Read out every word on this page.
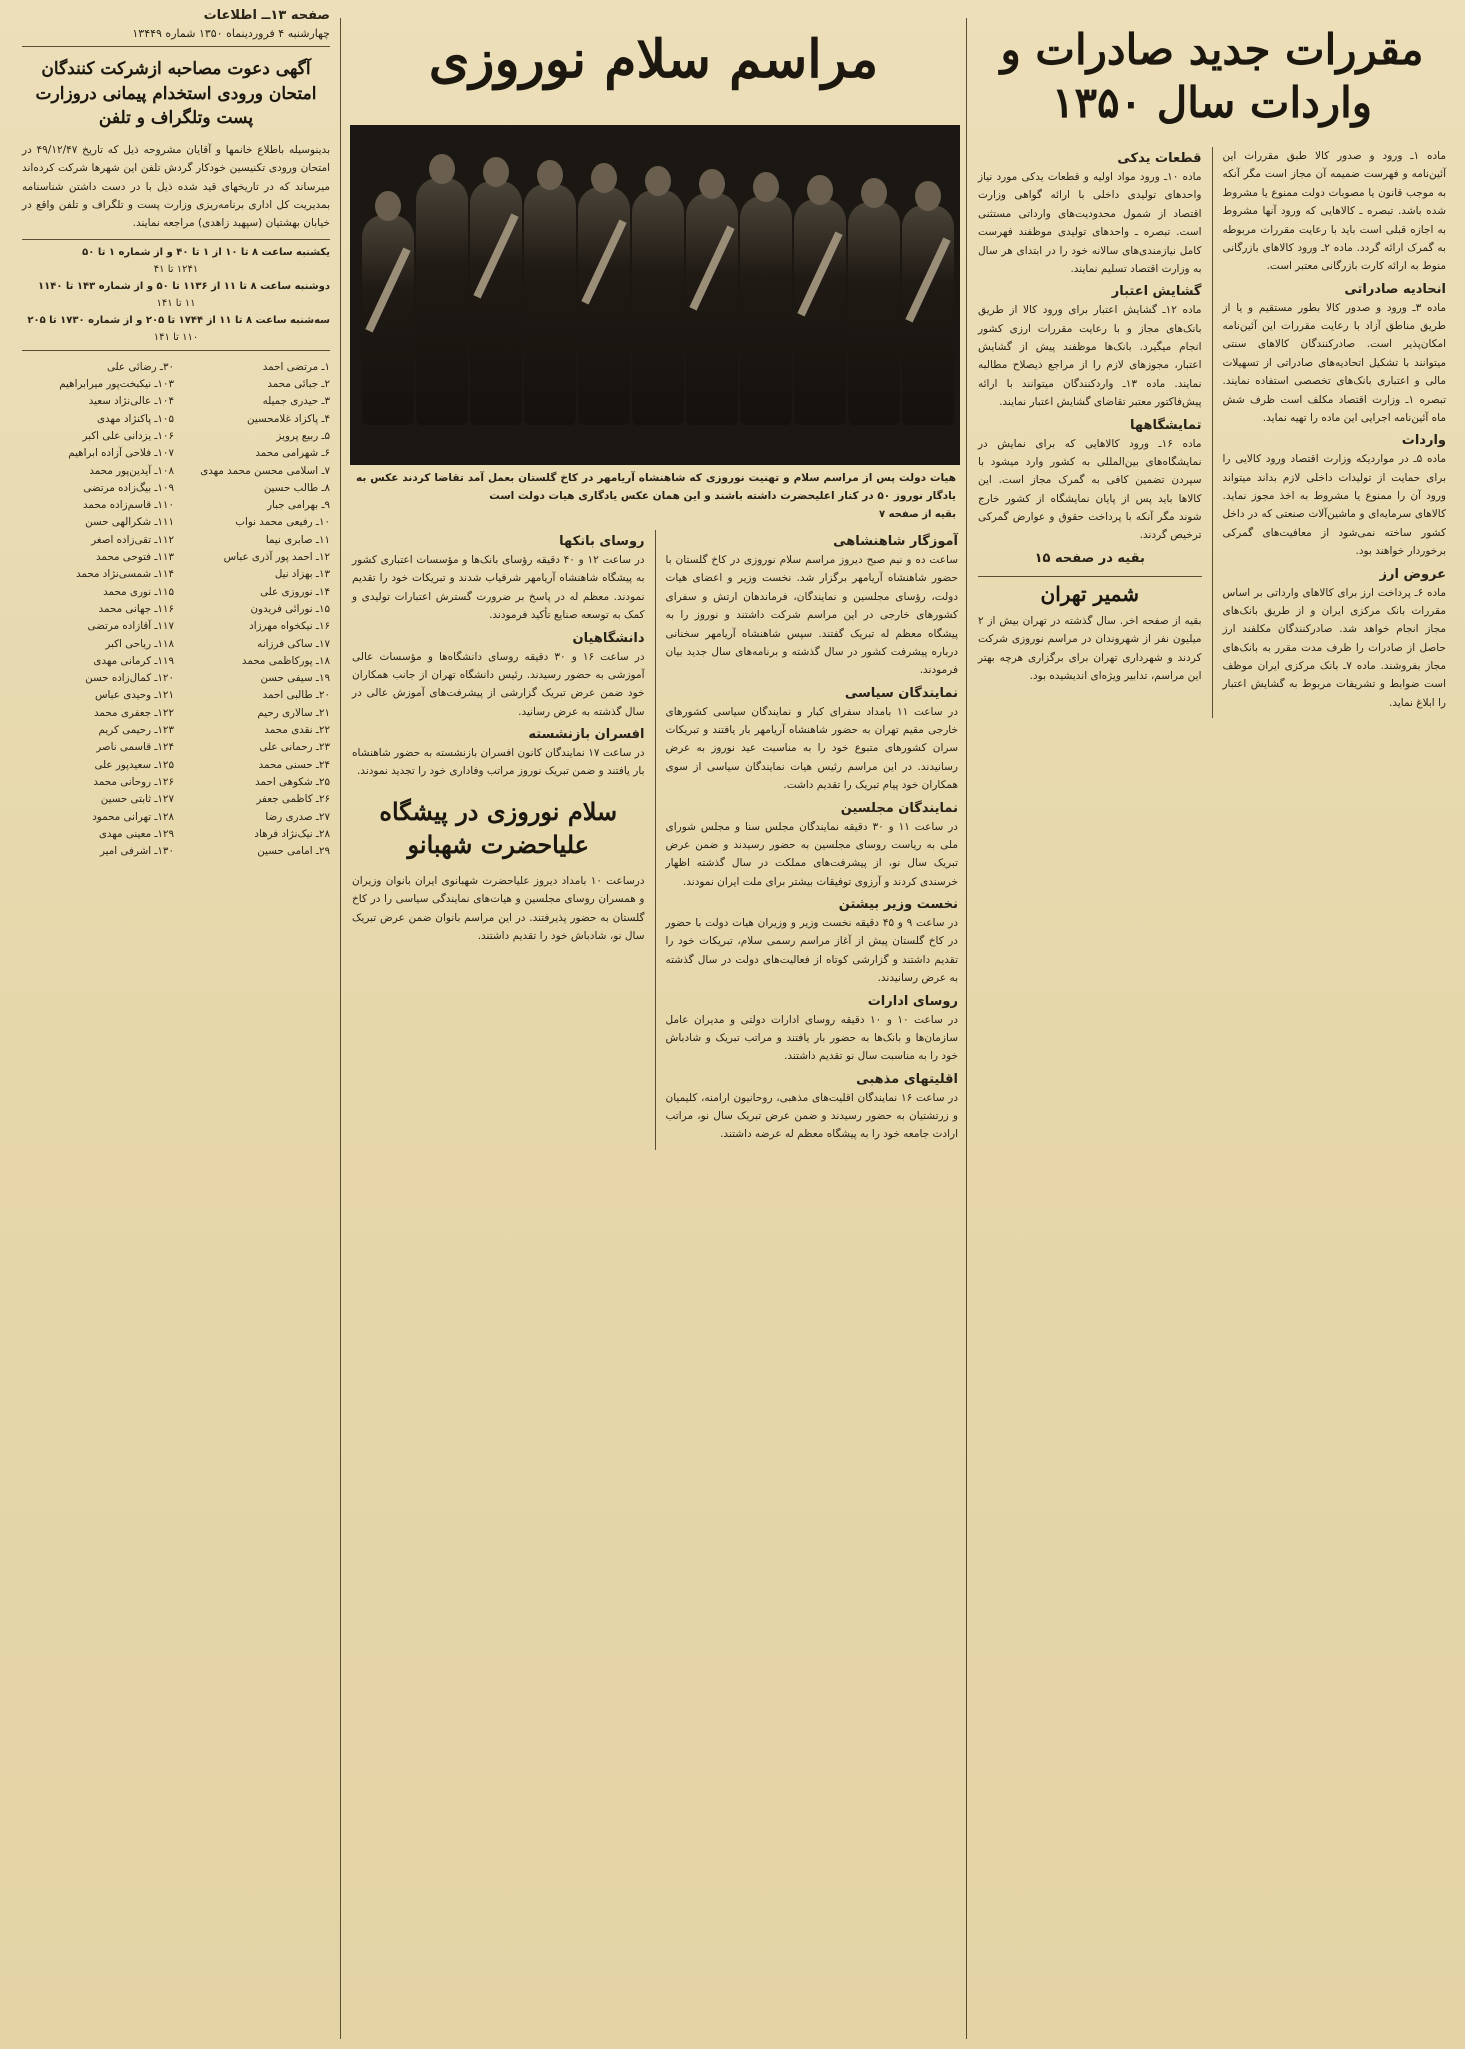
صفحه ۱۳ــ اطلاعات
چهارشنبه ۴ فروردینماه ۱۳۵۰ شماره ۱۳۴۴۹
آگهی دعوت مصاحبه ازشرکت کنندگان امتحان ورودی استخدام پیمانی دروزارت پست وتلگراف و تلفن

بدینوسیله باطلاع خانمها و آقایان مشروحه ذیل که تاریخ ۴۹/۱۲/۴۷ در امتحان ورودی تکنیسین خودکار گردش تلفن این شهرها شرکت کرده‌اند میرساند که در تاریخهای قید شده ذیل با در دست داشتن شناسنامه بمدیریت کل اداری برنامه‌ریزی وزارت پست و تلگراف و تلفن واقع در خیابان بهشتیان (سپهبد زاهدی) مراجعه نمایند.

یکشنبه ساعت ۸ تا ۱۰ از ۱ تا ۴۰ و از شماره ۱ تا ۵۰
۱۲۴۱ تا ۴۱
دوشنبه ساعت ۸ تا ۱۱ از ۱۱۳۶ تا ۵۰ و از شماره ۱۴۳ تا ۱۱۴۰
۱۱ تا ۱۴۱
سه‌شنبه ساعت ۸ تا ۱۱ از ۱۷۴۴ تا ۲۰۵ و از شماره ۱۷۳۰ تا ۲۰۵
۱۱۰ تا ۱۴۱
۱ـ مرتضی احمد
۲ـ جبائی محمد
۳ـ حیدری جمیله
۴ـ پاکزاد غلامحسین
۵ـ ربیع پرویز
۶ـ شهرامی محمد
۷ـ اسلامی محسن محمد مهدی
۸ـ طالب حسین
۹ـ بهرامی جبار
۱۰ـ رفیعی محمد نواب
۱۱ـ صابری نیما
۱۲ـ احمد پور آذری عباس
۱۳ـ بهزاد نیل
۱۴ـ نوروزی علی
۱۵ـ نورائی فریدون
۱۶ـ نیکخواه مهرزاد
۱۷ـ ساکی فرزانه
۱۸ـ پورکاظمی محمد
۱۹ـ سیفی حسن
۲۰ـ طالبی احمد
۲۱ـ سالاری رحیم
۲۲ـ نقدی محمد
۲۳ـ رحمانی علی
۲۴ـ حسنی محمد
۲۵ـ شکوهی احمد
۲۶ـ کاظمی جعفر
۲۷ـ صدری رضا
۲۸ـ نیک‌نژاد فرهاد
۲۹ـ امامی حسین
۳۰ـ رضائی علی
۱۰۳ـ نیکبخت‌پور میرابراهیم
۱۰۴ـ عالی‌نژاد سعید
۱۰۵ـ پاکنژاد مهدی
۱۰۶ـ یزدانی علی اکبر
۱۰۷ـ فلاحی آزاده ابراهیم
۱۰۸ـ آیدین‌پور محمد
۱۰۹ـ بیگ‌زاده مرتضی
۱۱۰ـ قاسم‌زاده محمد
۱۱۱ـ شکرالهی حسن
۱۱۲ـ تقی‌زاده اصغر
۱۱۳ـ فتوحی محمد
۱۱۴ـ شمسی‌نژاد محمد
۱۱۵ـ نوری محمد
۱۱۶ـ جهانی محمد
۱۱۷ـ آقازاده مرتضی
۱۱۸ـ ریاحی اکبر
۱۱۹ـ کرمانی مهدی
۱۲۰ـ کمال‌زاده حسن
۱۲۱ـ وحیدی عباس
۱۲۲ـ جعفری محمد
۱۲۳ـ رحیمی کریم
۱۲۴ـ قاسمی ناصر
۱۲۵ـ سعیدپور علی
۱۲۶ـ روحانی محمد
۱۲۷ـ ثابتی حسین
۱۲۸ـ تهرانی محمود
۱۲۹ـ معینی مهدی
۱۳۰ـ اشرفی امیر
مراسم سلام نوروزی
هیات دولت پس از مراسم سلام و تهنیت نوروزی که شاهنشاه آریامهر در کاخ گلستان بعمل آمد تقاضا کردند عکس به یادگار نوروز ۵۰ در کنار اعلیحضرت داشته باشند و این همان عکس یادگاری هیات دولت است
بقیه از صفحه ۷
آموزگار شاهنشاهی

ساعت ده و نیم صبح دیروز مراسم سلام نوروزی در کاخ گلستان با حضور شاهنشاه آریامهر برگزار شد. نخست وزیر و اعضای هیات دولت، رؤسای مجلسین و نمایندگان، فرماندهان ارتش و سفرای کشورهای خارجی در این مراسم شرکت داشتند و نوروز را به پیشگاه معظم له تبریک گفتند. سپس شاهنشاه آریامهر سخنانی درباره پیشرفت کشور در سال گذشته و برنامه‌های سال جدید بیان فرمودند.

نمایندگان سیاسی

در ساعت ۱۱ بامداد سفرای کبار و نمایندگان سیاسی کشورهای خارجی مقیم تهران به حضور شاهنشاه آریامهر بار یافتند و تبریکات سران کشورهای متبوع خود را به مناسبت عید نوروز به عرض رسانیدند. در این مراسم رئیس هیات نمایندگان سیاسی از سوی همکاران خود پیام تبریک را تقدیم داشت.

نمایندگان مجلسین

در ساعت ۱۱ و ۳۰ دقیقه نمایندگان مجلس سنا و مجلس شورای ملی به ریاست روسای مجلسین به حضور رسیدند و ضمن عرض تبریک سال نو، از پیشرفت‌های مملکت در سال گذشته اظهار خرسندی کردند و آرزوی توفیقات بیشتر برای ملت ایران نمودند.

نخست وزیر بیشتن

در ساعت ۹ و ۴۵ دقیقه نخست وزیر و وزیران هیات دولت با حضور در کاخ گلستان پیش از آغاز مراسم رسمی سلام، تبریکات خود را تقدیم داشتند و گزارشی کوتاه از فعالیت‌های دولت در سال گذشته به عرض رسانیدند.

روسای ادارات

در ساعت ۱۰ و ۱۰ دقیقه روسای ادارات دولتی و مدیران عامل سازمان‌ها و بانک‌ها به حضور بار یافتند و مراتب تبریک و شادباش خود را به مناسبت سال نو تقدیم داشتند.

اقلیتهای مذهبی

در ساعت ۱۶ نمایندگان اقلیت‌های مذهبی، روحانیون ارامنه، کلیمیان و زرتشتیان به حضور رسیدند و ضمن عرض تبریک سال نو، مراتب ارادت جامعه خود را به پیشگاه معظم له عرضه داشتند.

روسای بانکها

در ساعت ۱۲ و ۴۰ دقیقه رؤسای بانک‌ها و مؤسسات اعتباری کشور به پیشگاه شاهنشاه آریامهر شرفیاب شدند و تبریکات خود را تقدیم نمودند. معظم له در پاسخ بر ضرورت گسترش اعتبارات تولیدی و کمک به توسعه صنایع تأکید فرمودند.

دانشگاهیان

در ساعت ۱۶ و ۳۰ دقیقه روسای دانشگاه‌ها و مؤسسات عالی آموزشی به حضور رسیدند. رئیس دانشگاه تهران از جانب همکاران خود ضمن عرض تبریک گزارشی از پیشرفت‌های آموزش عالی در سال گذشته به عرض رسانید.

افسران بازنشسته

در ساعت ۱۷ نمایندگان کانون افسران بازنشسته به حضور شاهنشاه بار یافتند و ضمن تبریک نوروز مراتب وفاداری خود را تجدید نمودند.

سلام نوروزی در پیشگاه علیاحضرت شهبانو

درساعت ۱۰ بامداد دیروز علیاحضرت شهبانوی ایران بانوان وزیران و همسران روسای مجلسین و هیات‌های نمایندگی سیاسی را در کاخ گلستان به حضور پذیرفتند. در این مراسم بانوان ضمن عرض تبریک سال نو، شادباش خود را تقدیم داشتند.

مقررات جدید صادرات و واردات سال ۱۳۵۰

ماده ۱ـ ورود و صدور کالا طبق مقررات این آئین‌نامه و فهرست ضمیمه آن مجاز است مگر آنکه به موجب قانون یا مصوبات دولت ممنوع یا مشروط شده باشد. تبصره ـ کالاهایی که ورود آنها مشروط به اجازه قبلی است باید با رعایت مقررات مربوطه به گمرک ارائه گردد. ماده ۲ـ ورود کالاهای بازرگانی منوط به ارائه کارت بازرگانی معتبر است.

انحادیه صادراتی

ماده ۳ـ ورود و صدور کالا بطور مستقیم و یا از طریق مناطق آزاد با رعایت مقررات این آئین‌نامه امکان‌پذیر است. صادرکنندگان کالاهای سنتی میتوانند با تشکیل اتحادیه‌های صادراتی از تسهیلات مالی و اعتباری بانک‌های تخصصی استفاده نمایند. تبصره ۱ـ وزارت اقتصاد مکلف است ظرف شش ماه آئین‌نامه اجرایی این ماده را تهیه نماید.

واردات

ماده ۵ـ در مواردیکه وزارت اقتصاد ورود کالایی را برای حمایت از تولیدات داخلی لازم بداند میتواند ورود آن را ممنوع یا مشروط به اخذ مجوز نماید. کالاهای سرمایه‌ای و ماشین‌آلات صنعتی که در داخل کشور ساخته نمی‌شود از معافیت‌های گمرکی برخوردار خواهند بود.

عروض ارز

ماده ۶ـ پرداخت ارز برای کالاهای وارداتی بر اساس مقررات بانک مرکزی ایران و از طریق بانک‌های مجاز انجام خواهد شد. صادرکنندگان مکلفند ارز حاصل از صادرات را ظرف مدت مقرر به بانک‌های مجاز بفروشند. ماده ۷ـ بانک مرکزی ایران موظف است ضوابط و تشریفات مربوط به گشایش اعتبار را ابلاغ نماید.

قطعات یدکی

ماده ۱۰ـ ورود مواد اولیه و قطعات یدکی مورد نیاز واحدهای تولیدی داخلی با ارائه گواهی وزارت اقتصاد از شمول محدودیت‌های وارداتی مستثنی است. تبصره ـ واحدهای تولیدی موظفند فهرست کامل نیازمندی‌های سالانه خود را در ابتدای هر سال به وزارت اقتصاد تسلیم نمایند.

گشایش اعتبار

ماده ۱۲ـ گشایش اعتبار برای ورود کالا از طریق بانک‌های مجاز و با رعایت مقررات ارزی کشور انجام میگیرد. بانک‌ها موظفند پیش از گشایش اعتبار، مجوزهای لازم را از مراجع ذیصلاح مطالبه نمایند. ماده ۱۳ـ واردکنندگان میتوانند با ارائه پیش‌فاکتور معتبر تقاضای گشایش اعتبار نمایند.

تمایشگاهها

ماده ۱۶ـ ورود کالاهایی که برای نمایش در نمایشگاه‌های بین‌المللی به کشور وارد میشود با سپردن تضمین کافی به گمرک مجاز است. این کالاها باید پس از پایان نمایشگاه از کشور خارج شوند مگر آنکه با پرداخت حقوق و عوارض گمرکی ترخیص گردند.

بقیه در صفحه ۱۵
شمیر تهران

بقیه از صفحه اخر. سال گذشته در تهران بیش از ۲ میلیون نفر از شهروندان در مراسم نوروزی شرکت کردند و شهرداری تهران برای برگزاری هرچه بهتر این مراسم، تدابیر ویژه‌ای اندیشیده بود.
